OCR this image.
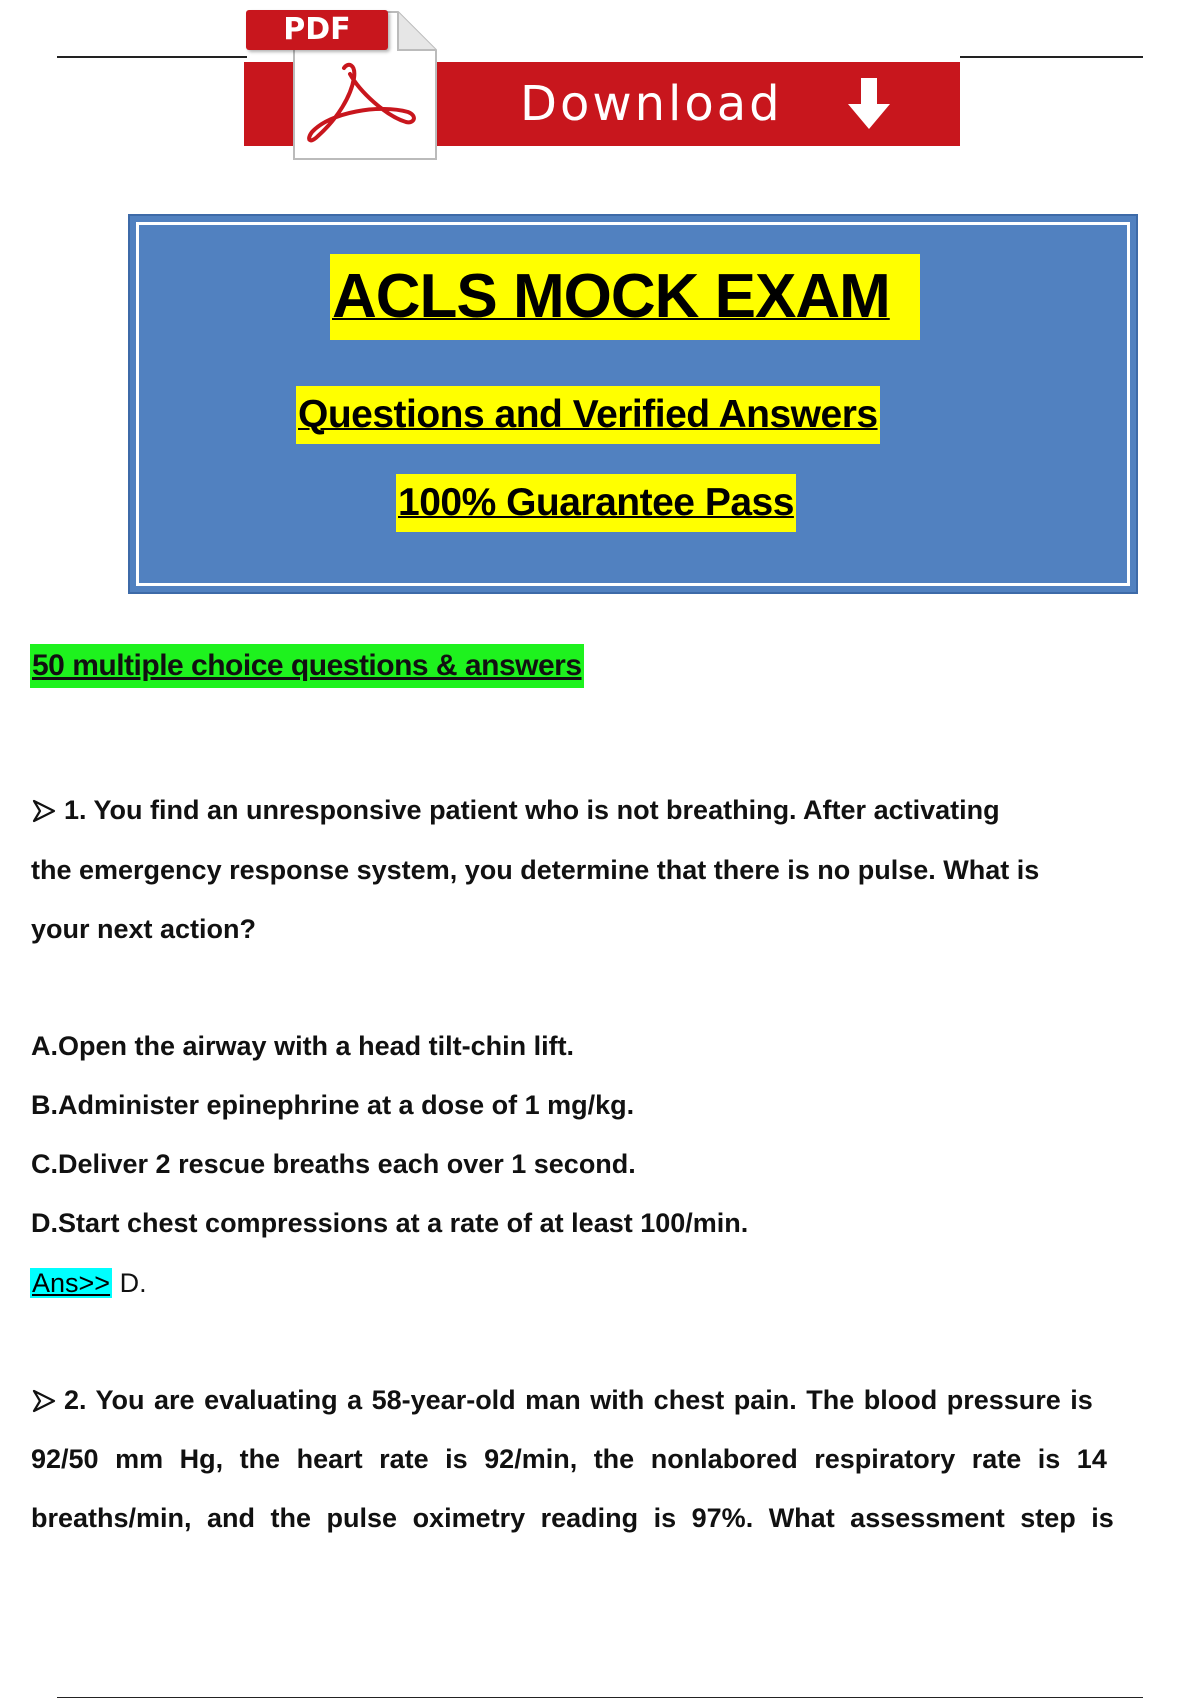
Download
PDF
ACLS MOCK EXAM
Questions and Verified Answers
100% Guarantee Pass
50 multiple choice questions & answers
1. You find an unresponsive patient who is not breathing. After activating
the emergency response system, you determine that there is no pulse. What is
your next action?
A.Open the airway with a head tilt-chin lift.
B.Administer epinephrine at a dose of 1 mg/kg.
C.Deliver 2 rescue breaths each over 1 second.
D.Start chest compressions at a rate of at least 100/min.
Ans>> D.
2. You are evaluating a 58-year-old man with chest pain. The blood pressure is
92/50 mm Hg, the heart rate is 92/min, the nonlabored respiratory rate is 14
breaths/min, and the pulse oximetry reading is 97%. What assessment step is
